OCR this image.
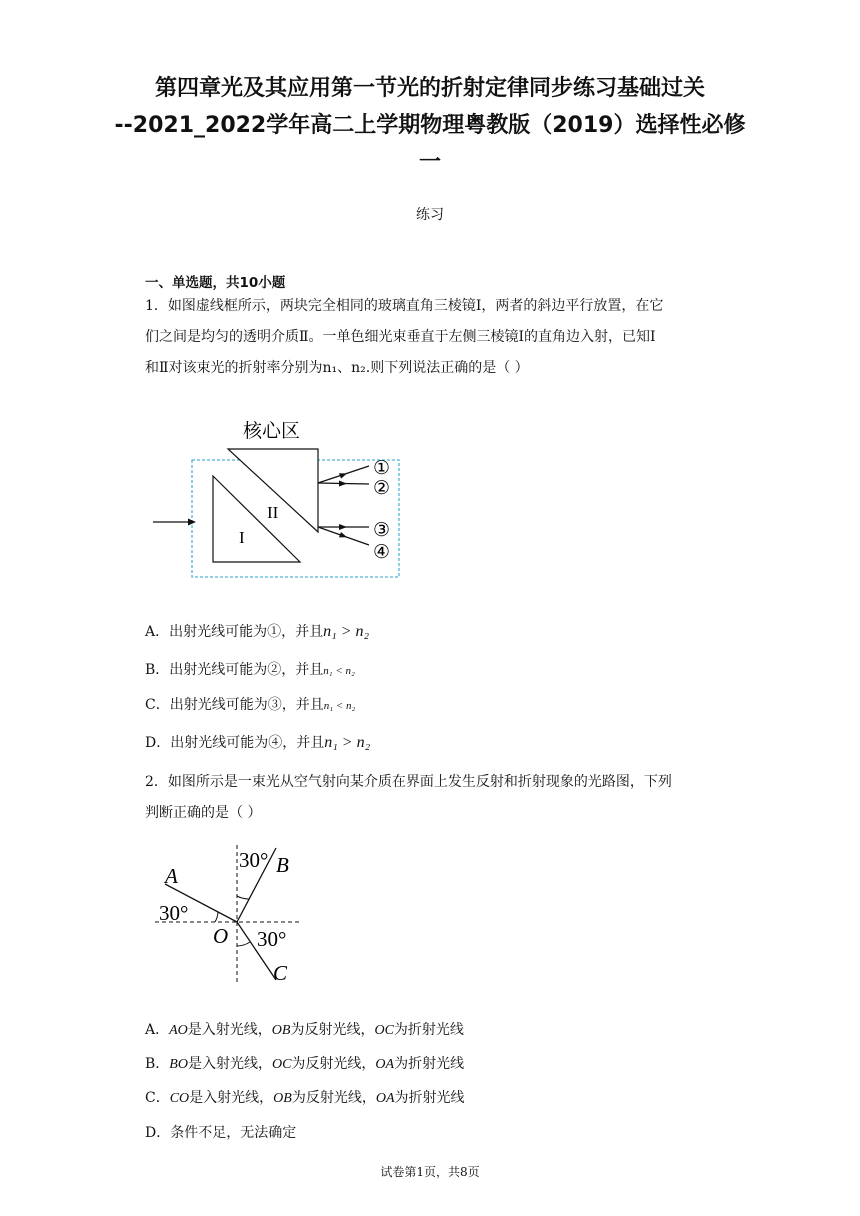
第四章光及其应用第一节光的折射定律同步练习基础过关
--2021_2022学年高二上学期物理粤教版（2019）选择性必修
一
练习
一、单选题，共10小题
1．如图虚线框所示，两块完全相同的玻璃直角三棱镜Ⅰ，两者的斜边平行放置，在它
们之间是均匀的透明介质Ⅱ。一单色细光束垂直于左侧三棱镜Ⅰ的直角边入射，已知Ⅰ
和Ⅱ对该束光的折射率分别为n₁、n₂.则下列说法正确的是（ ）
核心区
I
II
①
②
③
④
A．出射光线可能为①，并且n₁ > n₂
B．出射光线可能为②，并且n₁ < n₂
C．出射光线可能为③，并且n₁ < n₂
D．出射光线可能为④，并且n₁ > n₂
2．如图所示是一束光从空气射向某介质在界面上发生反射和折射现象的光路图，下列
判断正确的是（ ）
30° B
A
30°
O 30°
C
A．AO是入射光线，OB为反射光线，OC为折射光线
B．BO是入射光线，OC为反射光线，OA为折射光线
C．CO是入射光线，OB为反射光线，OA为折射光线
D．条件不足，无法确定
试卷第1页，共8页
